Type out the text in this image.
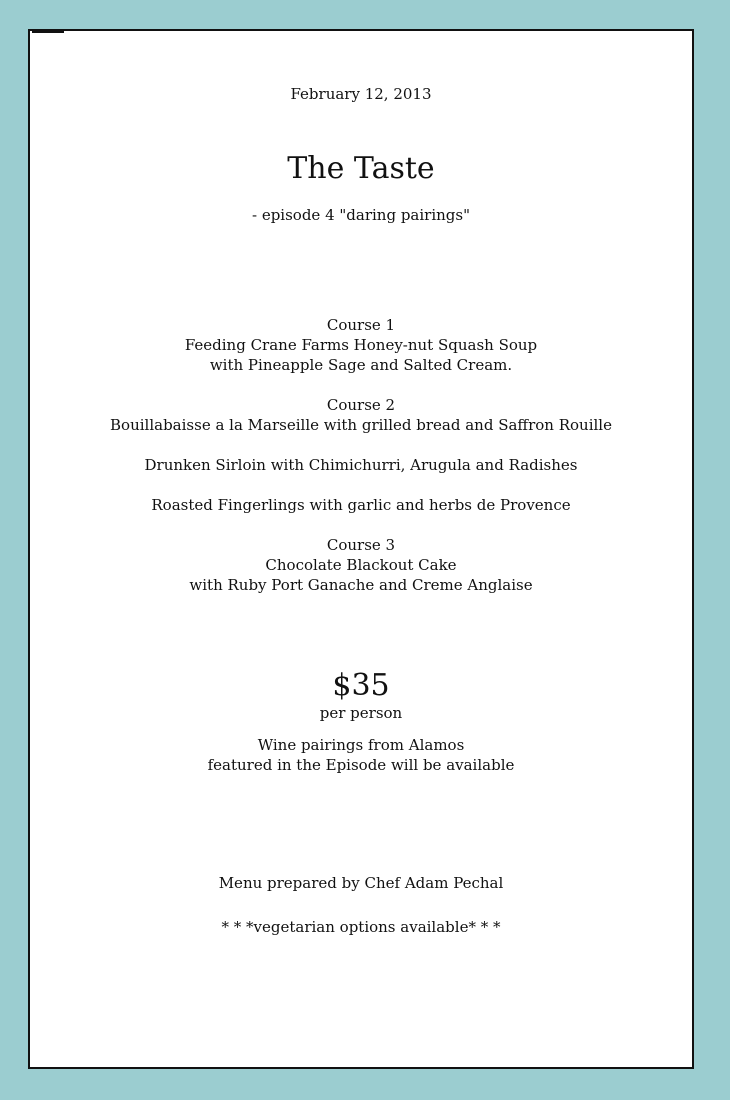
February 12, 2013
The Taste
- episode 4 "daring pairings"
Course 1
Feeding Crane Farms Honey-nut Squash Soup
with Pineapple Sage and Salted Cream.
Course 2
Bouillabaisse a la Marseille with grilled bread and Saffron Rouille
Drunken Sirloin with Chimichurri, Arugula and Radishes
Roasted Fingerlings with garlic and herbs de Provence
Course 3
Chocolate Blackout Cake
with Ruby Port Ganache and Creme Anglaise
$35
per person
Wine pairings from Alamos
featured in the Episode will be available
Menu prepared by Chef Adam Pechal
* * *vegetarian options available* * *
